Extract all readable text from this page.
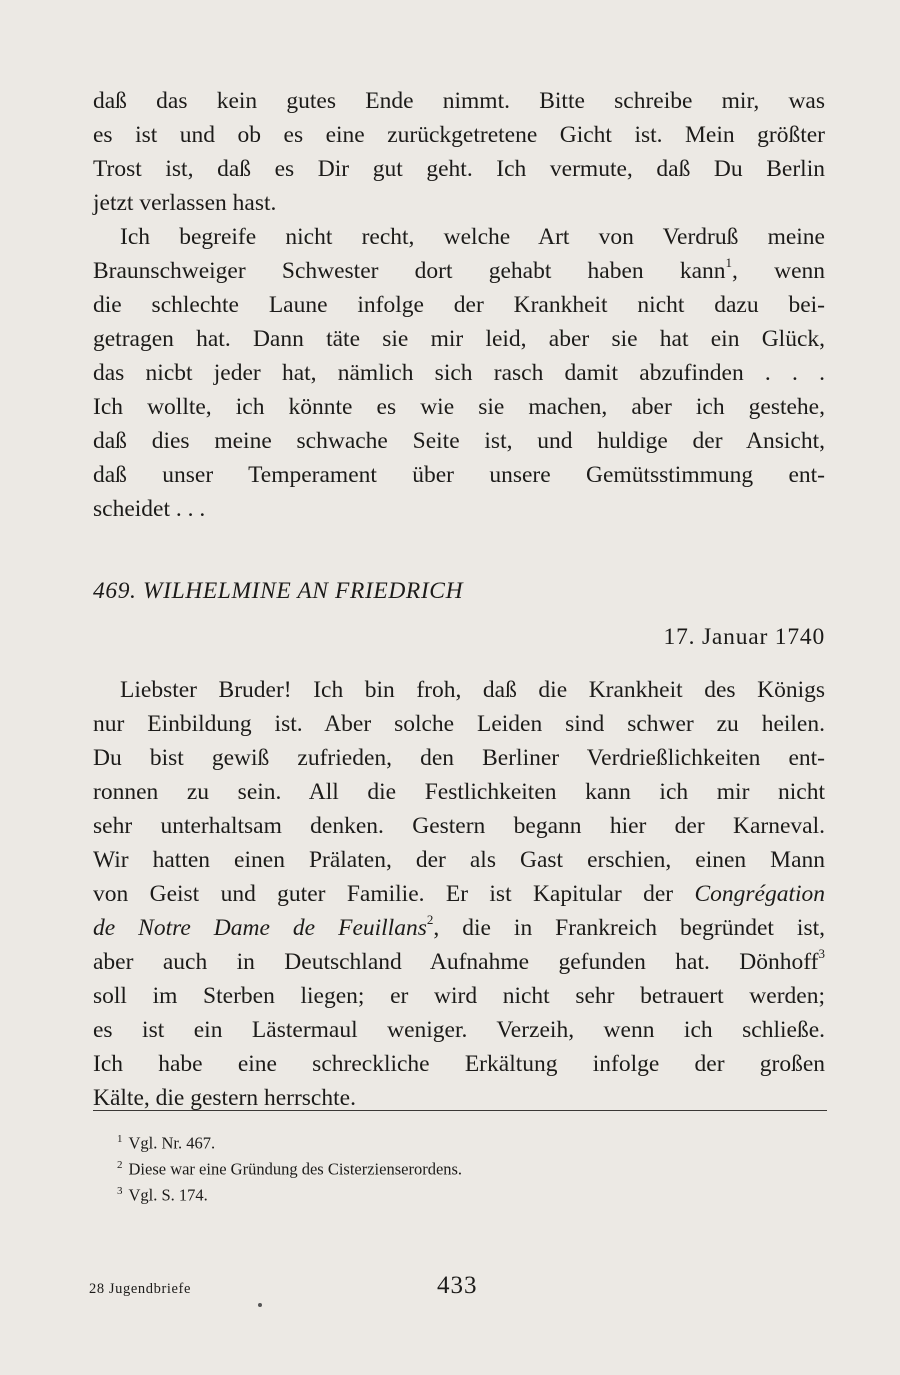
daß das kein gutes Ende nimmt. Bitte schreibe mir, was
es ist und ob es eine zurückgetretene Gicht ist. Mein größter
Trost ist, daß es Dir gut geht. Ich vermute, daß Du Berlin
jetzt verlassen hast.
Ich begreife nicht recht, welche Art von Verdruß meine
Braunschweiger Schwester dort gehabt haben kann$^1$, wenn
die schlechte Laune infolge der Krankheit nicht dazu bei-
getragen hat. Dann täte sie mir leid, aber sie hat ein Glück,
das nicbt jeder hat, nämlich sich rasch damit abzufinden . . .
Ich wollte, ich könnte es wie sie machen, aber ich gestehe,
daß dies meine schwache Seite ist, und huldige der Ansicht,
daß unser Temperament über unsere Gemütsstimmung ent-
scheidet . . .
469. WILHELMINE AN FRIEDRICH
17. Januar 1740
Liebster Bruder! Ich bin froh, daß die Krankheit des Königs
nur Einbildung ist. Aber solche Leiden sind schwer zu heilen.
Du bist gewiß zufrieden, den Berliner Verdrießlichkeiten ent-
ronnen zu sein. All die Festlichkeiten kann ich mir nicht
sehr unterhaltsam denken. Gestern begann hier der Karneval.
Wir hatten einen Prälaten, der als Gast erschien, einen Mann
von Geist und guter Familie. Er ist Kapitular der Congrégation
de Notre Dame de Feuillans$^2$, die in Frankreich begründet ist,
aber auch in Deutschland Aufnahme gefunden hat. Dönhoff$^3$
soll im Sterben liegen; er wird nicht sehr betrauert werden;
es ist ein Lästermaul weniger. Verzeih, wenn ich schließe.
Ich habe eine schreckliche Erkältung infolge der großen
Kälte, die gestern herrschte.
$^1$ Vgl. Nr. 467.
$^2$ Diese war eine Gründung des Cisterzienserordens.
$^3$ Vgl. S. 174.
28 Jugendbriefe	433
